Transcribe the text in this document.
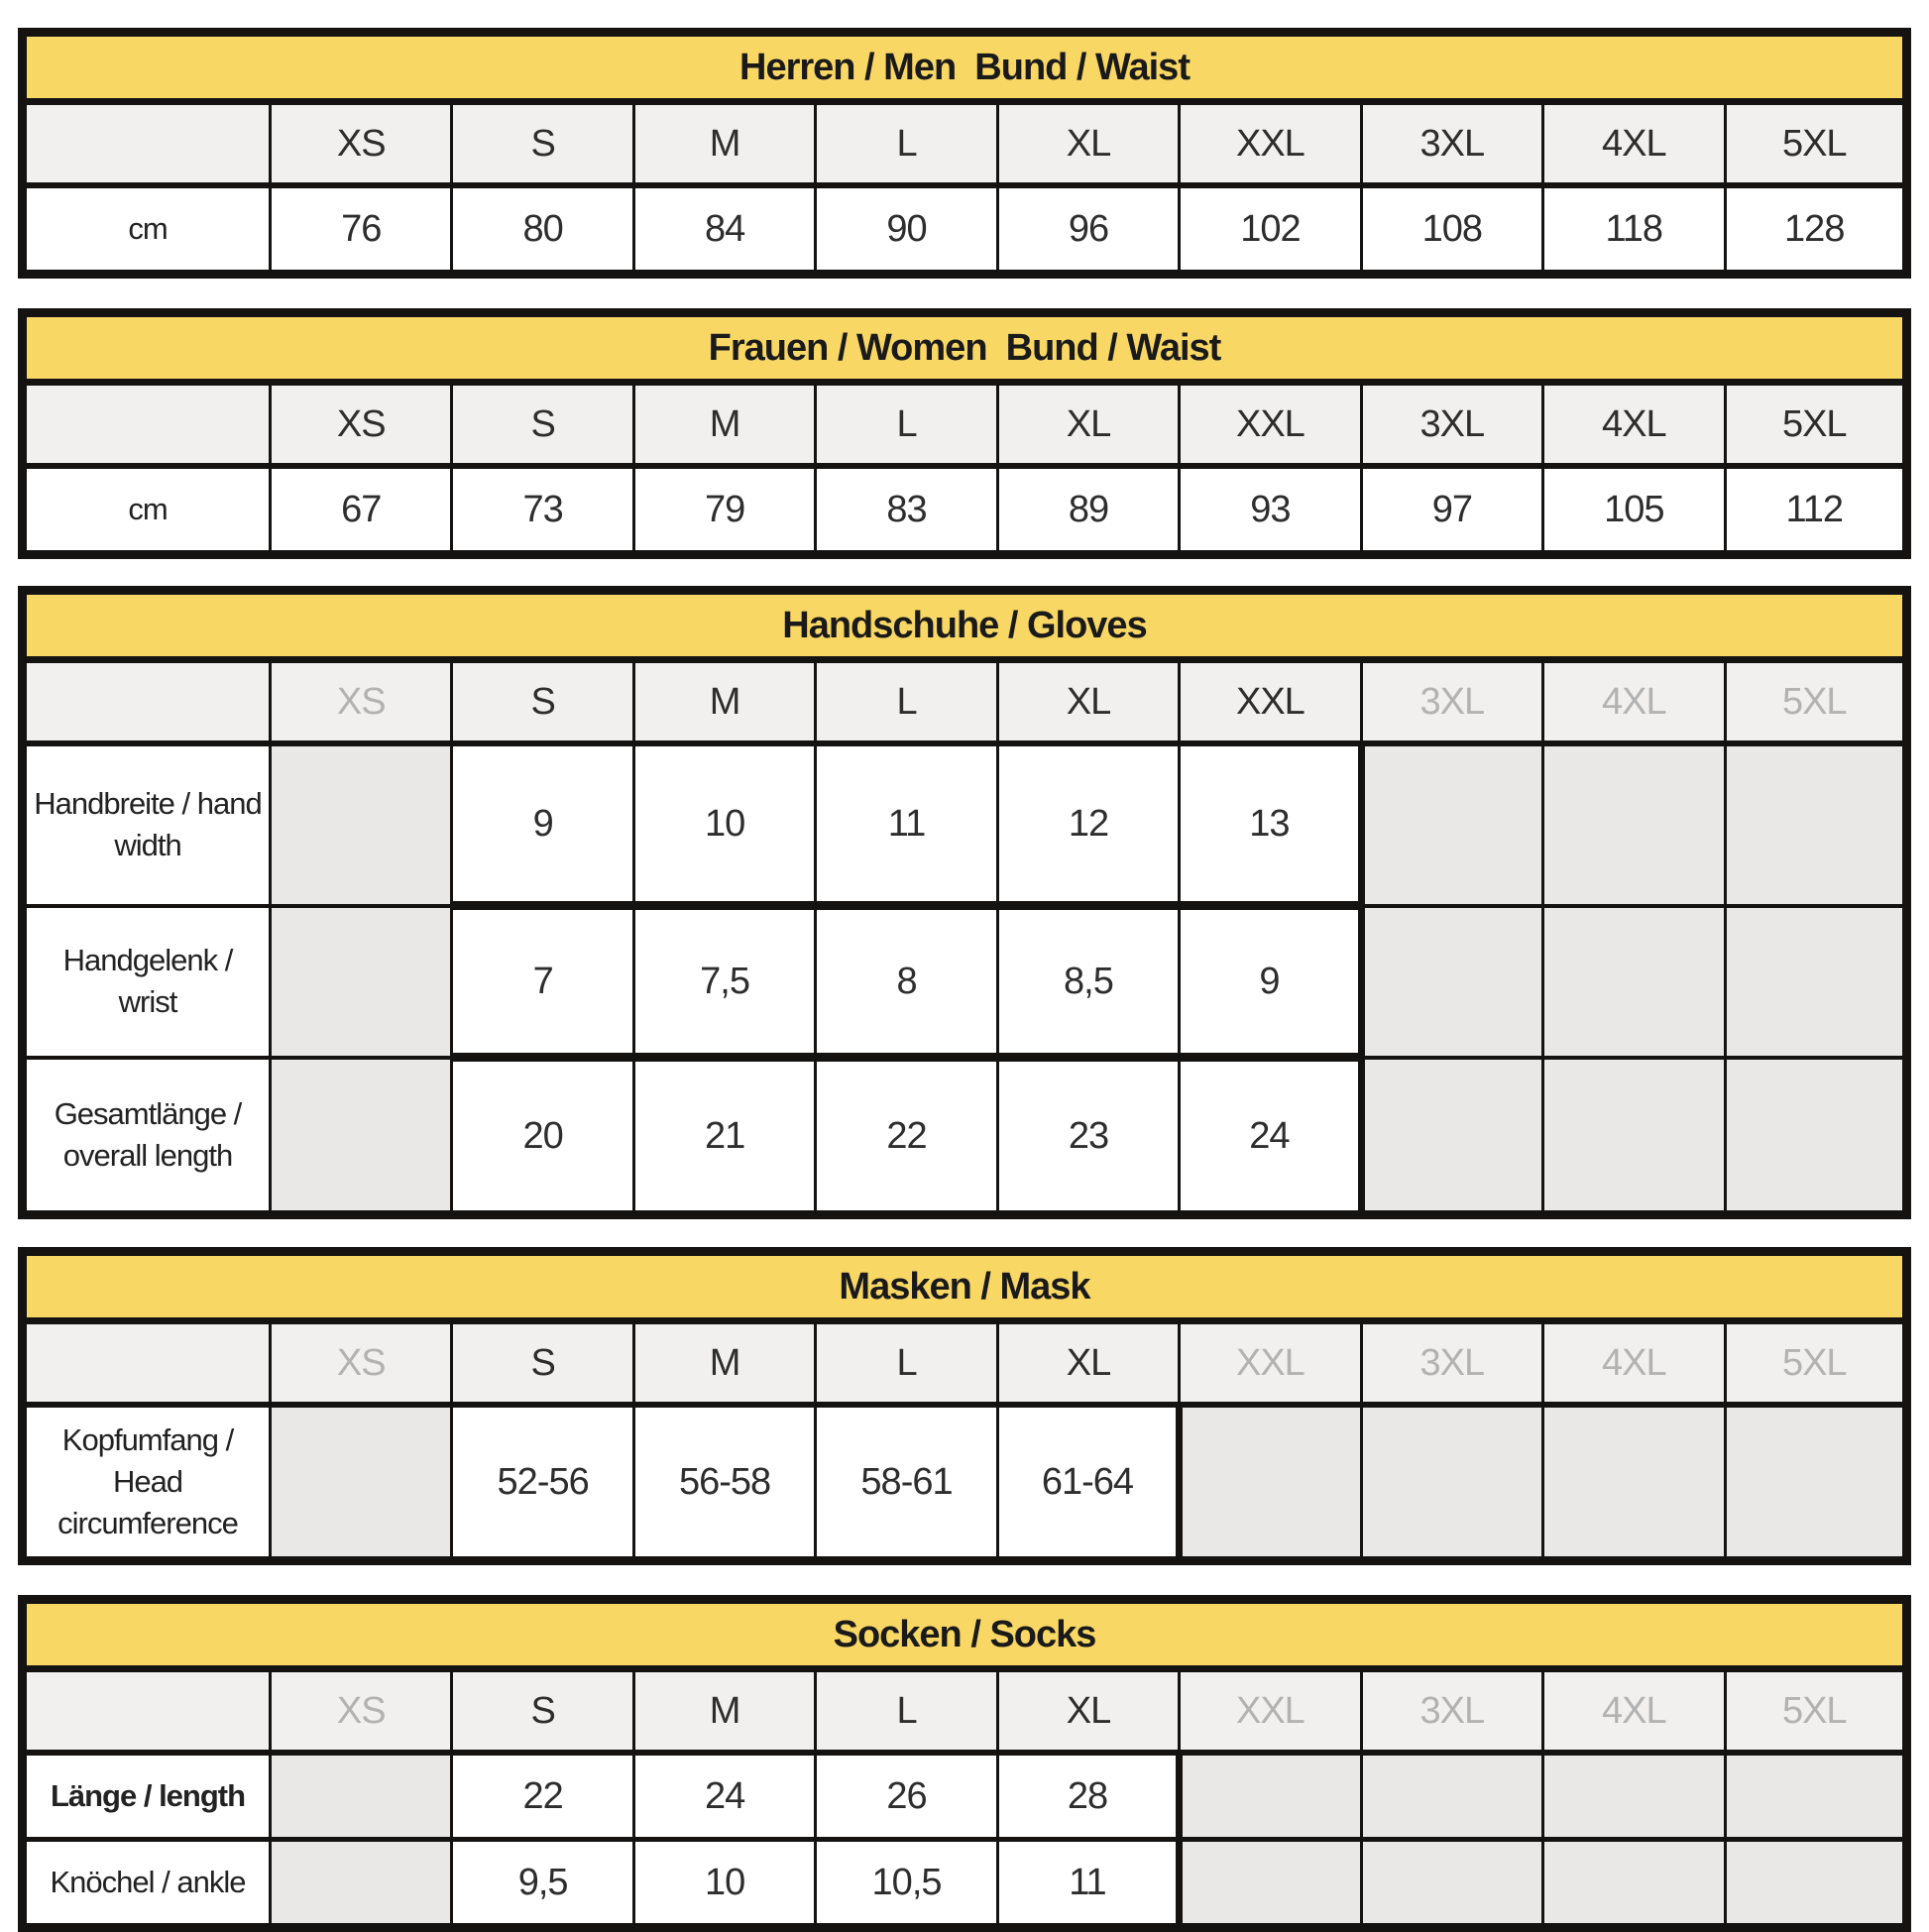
Herren / Men  Bund / Waist									
	XS	S	M	L	XL	XXL	3XL	4XL	5XL
cm	76	80	84	90	96	102	108	118	128
Frauen / Women  Bund / Waist									
	XS	S	M	L	XL	XXL	3XL	4XL	5XL
cm	67	73	79	83	89	93	97	105	112
Handschuhe / Gloves									
	XS	S	M	L	XL	XXL	3XL	4XL	5XL
Handbreite / hand width		9	10	11	12	13			
Handgelenk / wrist		7	7,5	8	8,5	9			
Gesamtlänge / overall length		20	21	22	23	24			
Masken / Mask									
	XS	S	M	L	XL	XXL	3XL	4XL	5XL
Kopfumfang / Head circumference		52-56	56-58	58-61	61-64				
Socken / Socks									
	XS	S	M	L	XL	XXL	3XL	4XL	5XL
Länge / length		22	24	26	28				
Knöchel / ankle		9,5	10	10,5	11				
